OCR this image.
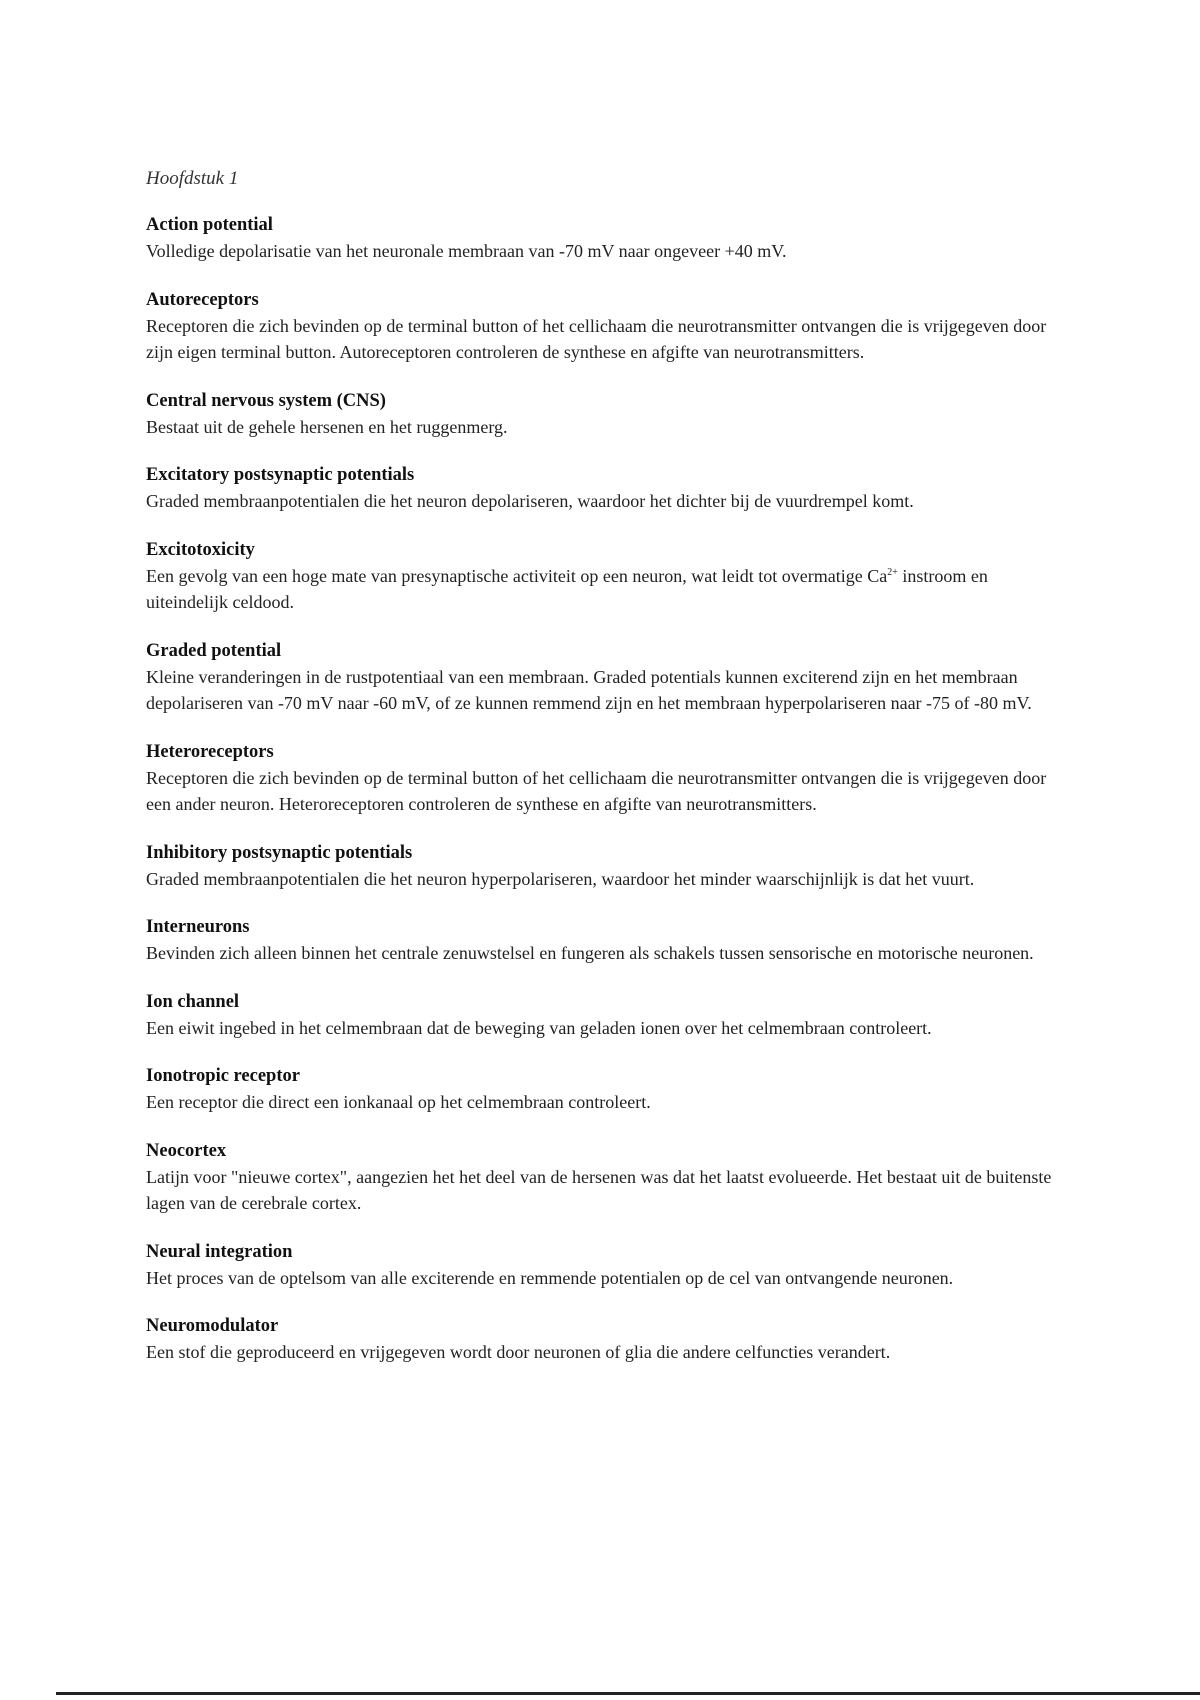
Hoofdstuk 1

Action potential

Volledige depolarisatie van het neuronale membraan van -70 mV naar ongeveer +40 mV.

Autoreceptors

Receptoren die zich bevinden op de terminal button of het cellichaam die neurotransmitter ontvangen die is vrijgegeven door zijn eigen terminal button. Autoreceptoren controleren de synthese en afgifte van neurotransmitters.

Central nervous system (CNS)

Bestaat uit de gehele hersenen en het ruggenmerg.

Excitatory postsynaptic potentials

Graded membraanpotentialen die het neuron depolariseren, waardoor het dichter bij de vuurdrempel komt.

Excitotoxicity

Een gevolg van een hoge mate van presynaptische activiteit op een neuron, wat leidt tot overmatige $Ca^{2+}$ instroom en uiteindelijk celdood.

Graded potential

Kleine veranderingen in de rustpotentiaal van een membraan. Graded potentials kunnen exciterend zijn en het membraan depolariseren van -70 mV naar -60 mV, of ze kunnen remmend zijn en het membraan hyperpolariseren naar -75 of -80 mV.

Heteroreceptors

Receptoren die zich bevinden op de terminal button of het cellichaam die neurotransmitter ontvangen die is vrijgegeven door een ander neuron. Heteroreceptoren controleren de synthese en afgifte van neurotransmitters.

Inhibitory postsynaptic potentials

Graded membraanpotentialen die het neuron hyperpolariseren, waardoor het minder waarschijnlijk is dat het vuurt.

Interneurons

Bevinden zich alleen binnen het centrale zenuwstelsel en fungeren als schakels tussen sensorische en motorische neuronen.

Ion channel

Een eiwit ingebed in het celmembraan dat de beweging van geladen ionen over het celmembraan controleert.

Ionotropic receptor

Een receptor die direct een ionkanaal op het celmembraan controleert.

Neocortex

Latijn voor "nieuwe cortex", aangezien het het deel van de hersenen was dat het laatst evolueerde. Het bestaat uit de buitenste lagen van de cerebrale cortex.

Neural integration

Het proces van de optelsom van alle exciterende en remmende potentialen op de cel van ontvangende neuronen.

Neuromodulator

Een stof die geproduceerd en vrijgegeven wordt door neuronen of glia die andere celfuncties verandert.
